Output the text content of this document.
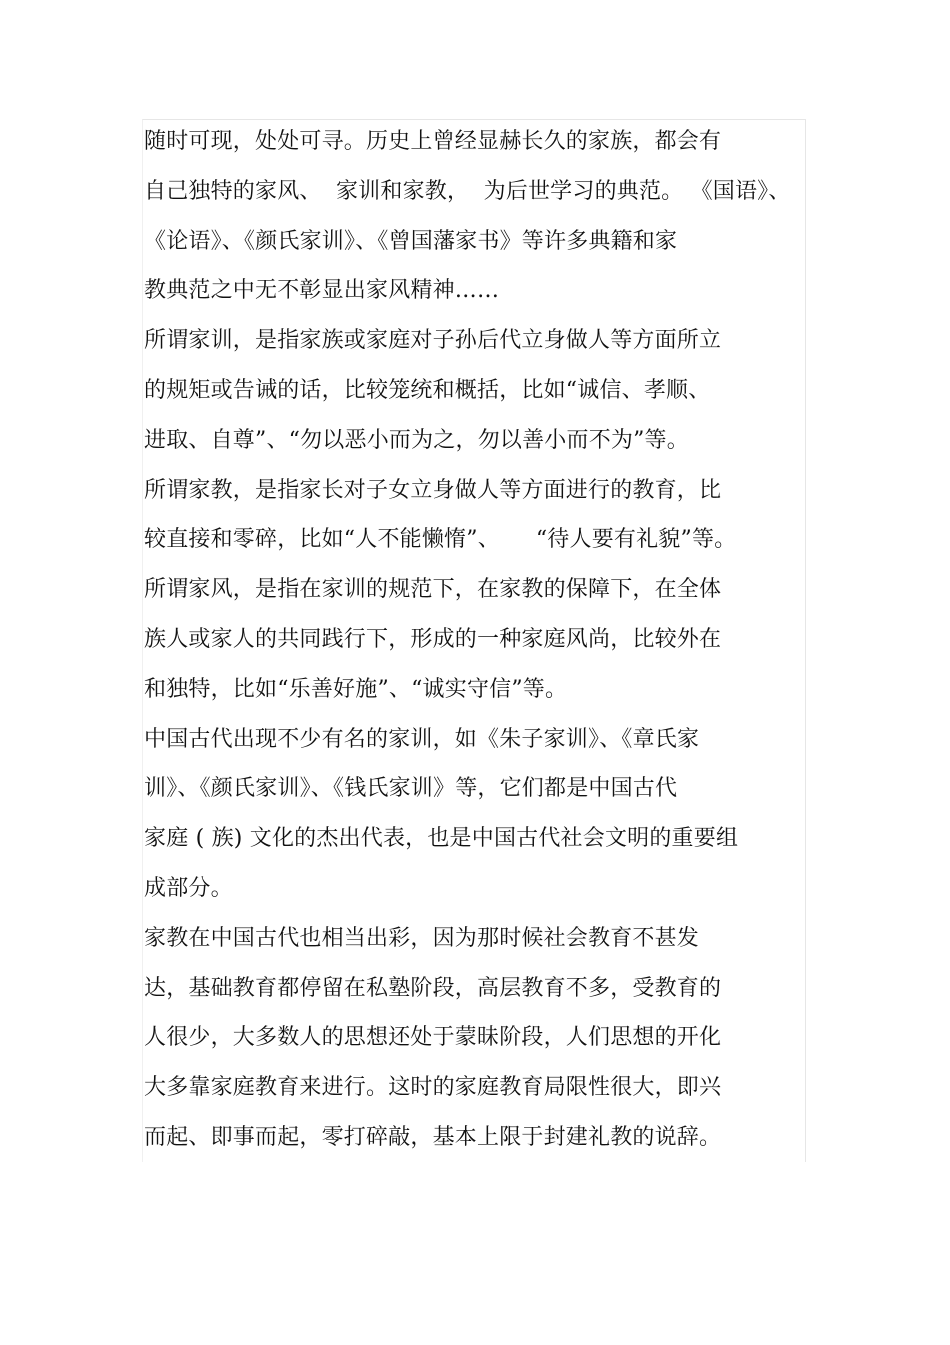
随时可现，处处可寻。历史上曾经显赫长久的家族，都会有
自己独特的家风、  家训和家教，  为后世学习的典范。 《国语》、
《论语》、《颜氏家训》、《曾国藩家书》等许多典籍和家
教典范之中无不彰显出家风精神……
所谓家训，是指家族或家庭对子孙后代立身做人等方面所立
的规矩或告诫的话，比较笼统和概括，比如“诚信、孝顺、
进取、自尊”、“勿以恶小而为之，勿以善小而不为”等。
所谓家教，是指家长对子女立身做人等方面进行的教育，比
较直接和零碎，比如“人不能懒惰”、     “待人要有礼貌”等。
所谓家风，是指在家训的规范下，在家教的保障下，在全体
族人或家人的共同践行下，形成的一种家庭风尚，比较外在
和独特，比如“乐善好施”、“诚实守信”等。
中国古代出现不少有名的家训，如《朱子家训》、《章氏家
训》、《颜氏家训》、《钱氏家训》等，它们都是中国古代
家庭 ( 族) 文化的杰出代表，也是中国古代社会文明的重要组
成部分。
家教在中国古代也相当出彩，因为那时候社会教育不甚发
达，基础教育都停留在私塾阶段，高层教育不多，受教育的
人很少，大多数人的思想还处于蒙昧阶段，人们思想的开化
大多靠家庭教育来进行。这时的家庭教育局限性很大，即兴
而起、即事而起，零打碎敲，基本上限于封建礼教的说辞。
